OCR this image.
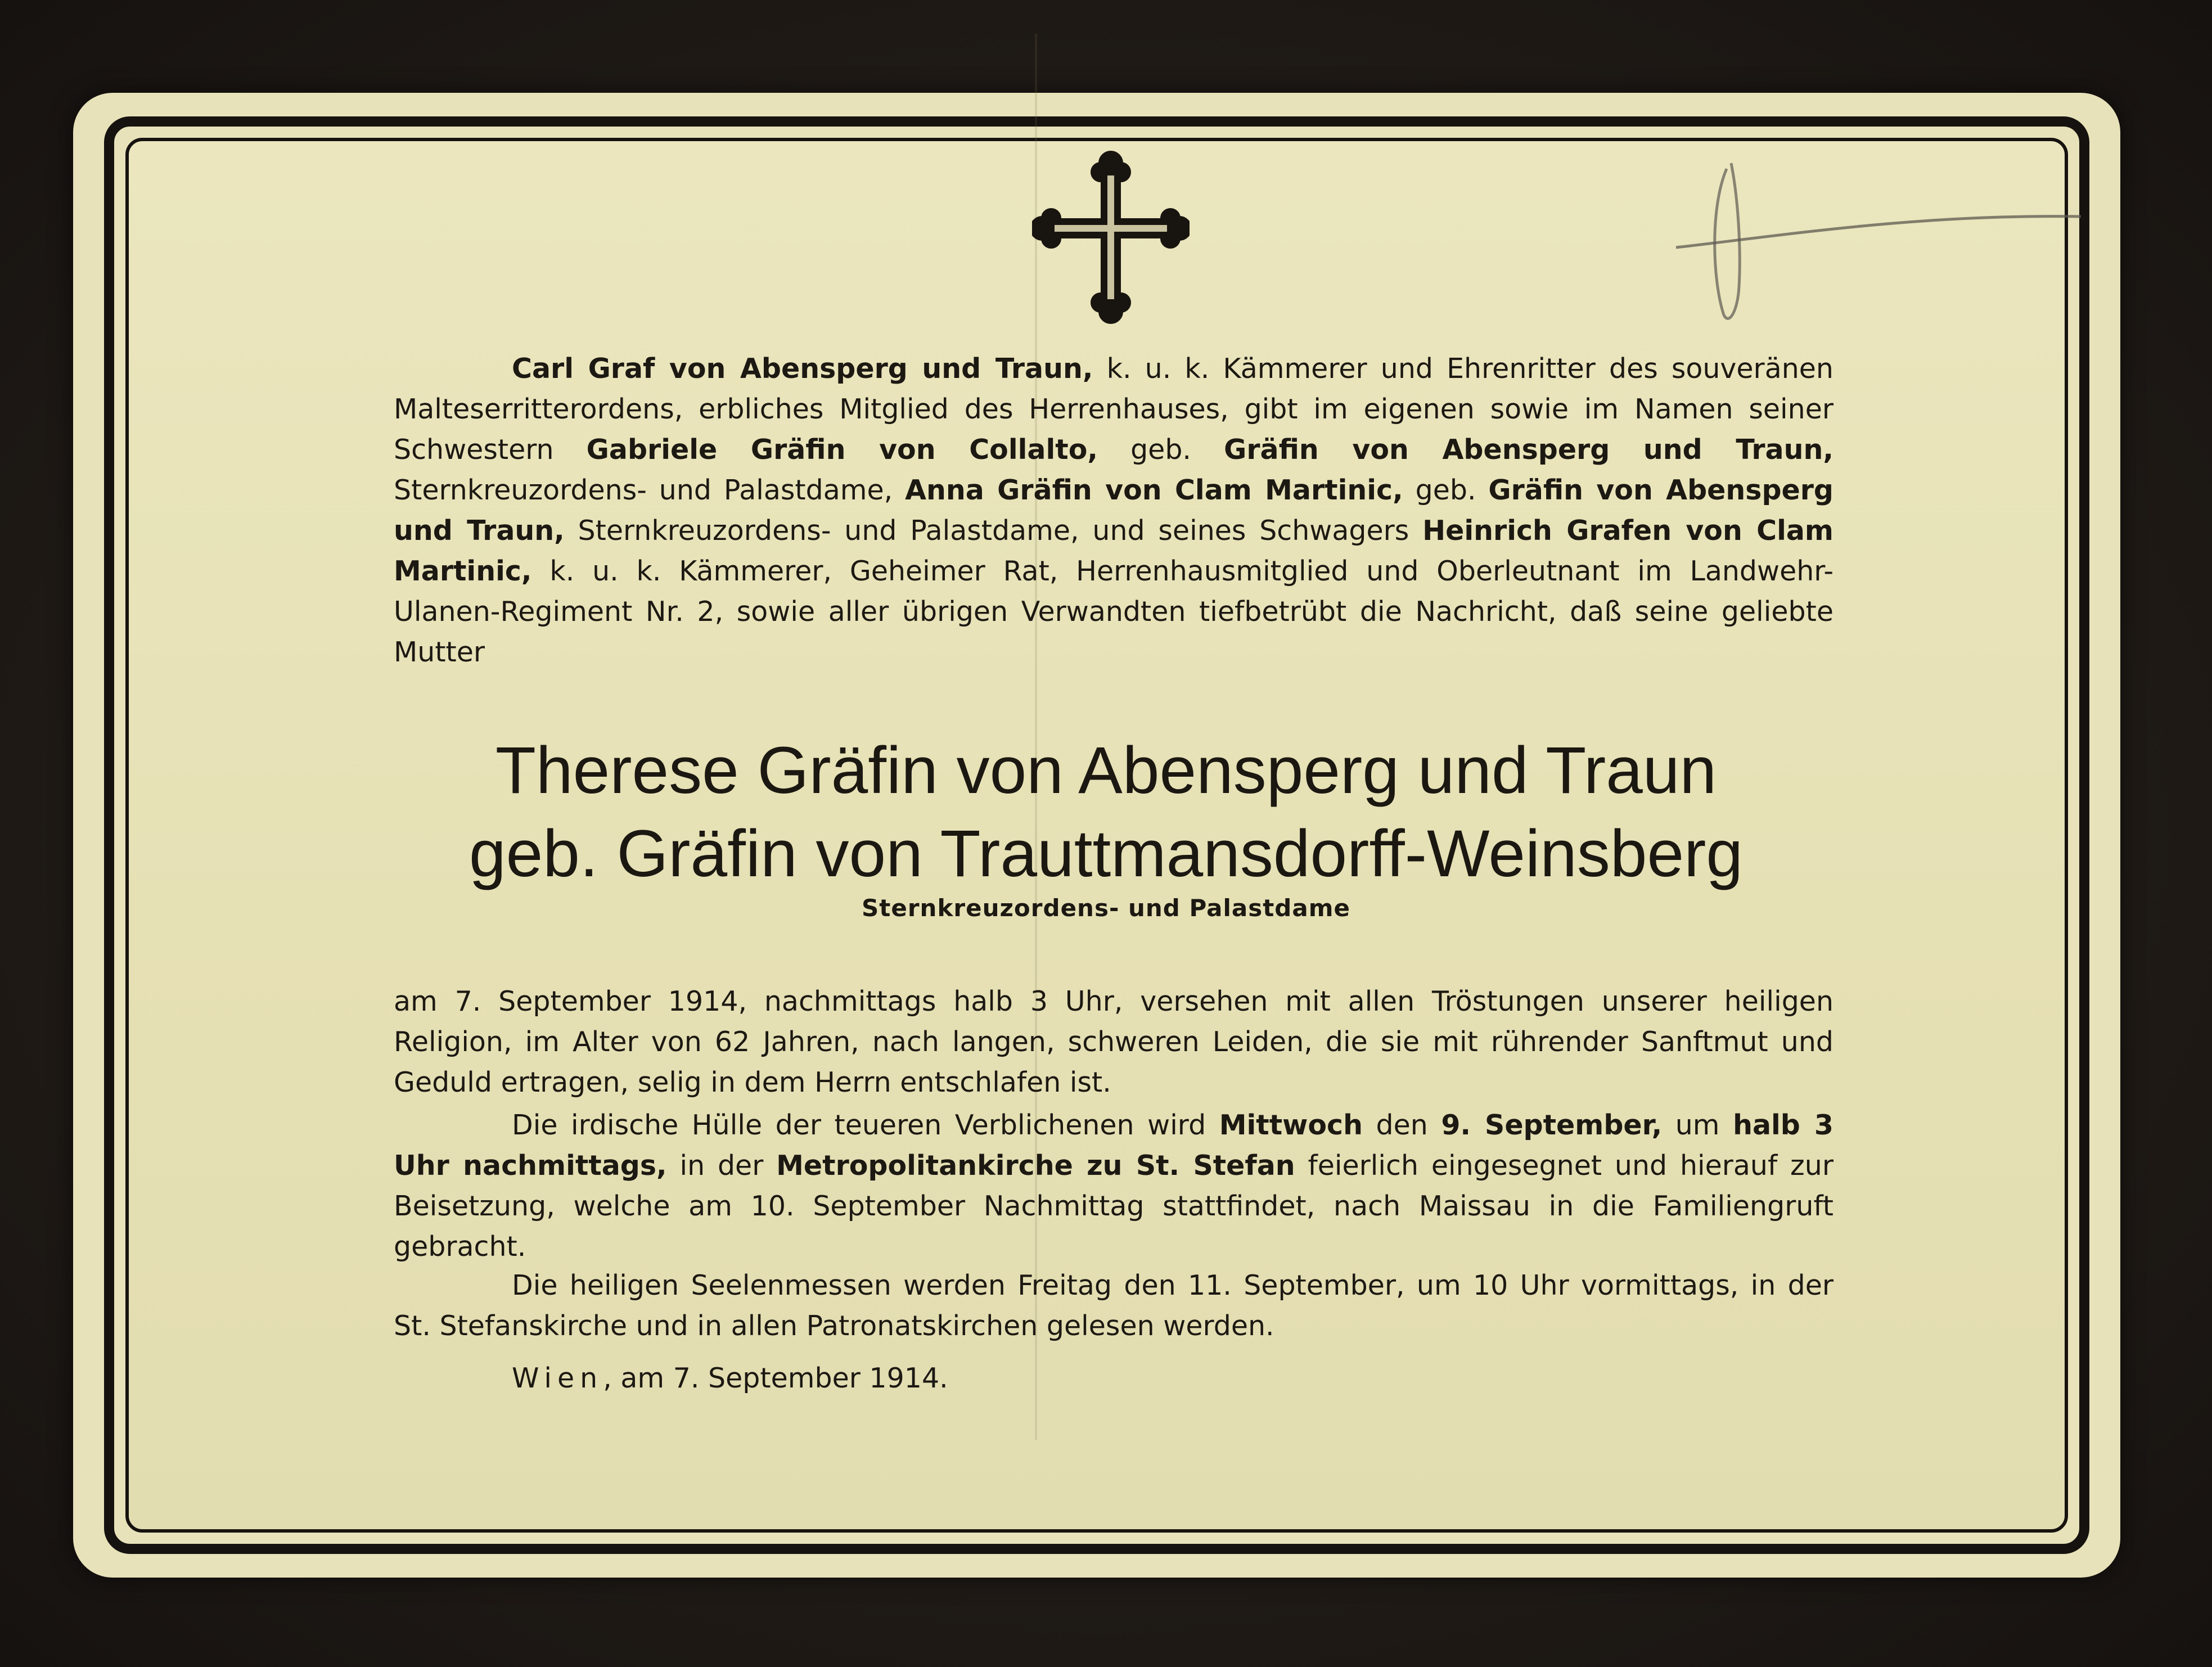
Carl Graf von Abensperg und Traun, k. u. k. Kämmerer und Ehrenritter des souveränen Malteserritterordens, erbliches Mitglied des Herrenhauses, gibt im eigenen sowie im Namen seiner Schwestern Gabriele Gräfin von Collalto, geb. Gräfin von Abensperg und Traun, Sternkreuzordens- und Palastdame, Anna Gräfin von Clam Martinic, geb. Gräfin von Abensperg und Traun, Sternkreuzordens- und Palastdame, und seines Schwagers Heinrich Grafen von Clam Martinic, k. u. k. Kämmerer, Geheimer Rat, Herrenhausmitglied und Oberleutnant im Landwehr-Ulanen-Regiment Nr. 2, sowie aller übrigen Verwandten tiefbetrübt die Nachricht, daß seine geliebte Mutter
Therese Gräfin von Abensperg und Traun
geb. Gräfin von Trauttmansdorff-Weinsberg
Sternkreuzordens- und Palastdame
am 7. September 1914, nachmittags halb 3 Uhr, versehen mit allen Tröstungen unserer heiligen Religion, im Alter von 62 Jahren, nach langen, schweren Leiden, die sie mit rührender Sanftmut und Geduld ertragen, selig in dem Herrn entschlafen ist.
Die irdische Hülle der teueren Verblichenen wird Mittwoch den 9. September, um halb 3 Uhr nachmittags, in der Metropolitankirche zu St. Stefan feierlich eingesegnet und hierauf zur Beisetzung, welche am 10. September Nachmittag stattfindet, nach Maissau in die Familiengruft gebracht.
Die heiligen Seelenmessen werden Freitag den 11. September, um 10 Uhr vormittags, in der St. Stefanskirche und in allen Patronatskirchen gelesen werden.
Wien, am 7. September 1914.
